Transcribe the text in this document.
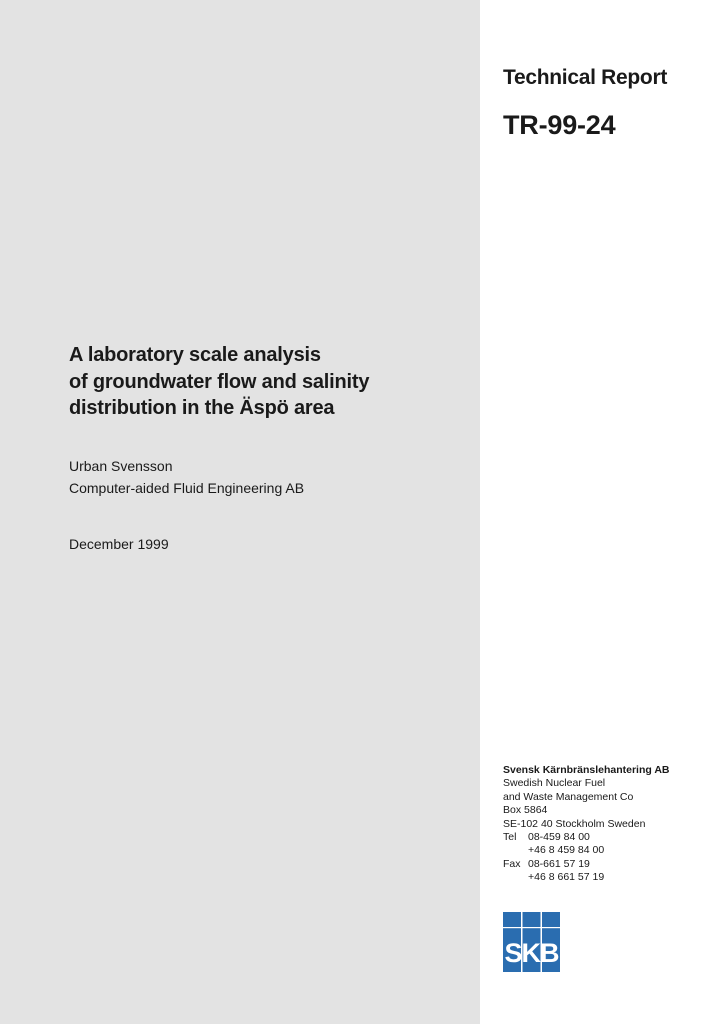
Technical Report
TR-99-24
A laboratory scale analysis
of groundwater flow and salinity
distribution in the Äspö area
Urban Svensson
Computer-aided Fluid Engineering AB
December 1999
Svensk Kärnbränslehantering AB
Swedish Nuclear Fuel
and Waste Management Co
Box 5864
SE-102 40 Stockholm Sweden
Tel	08-459 84 00
+46 8 459 84 00
Fax 08-661 57 19
+46 8 661 57 19
SKB
